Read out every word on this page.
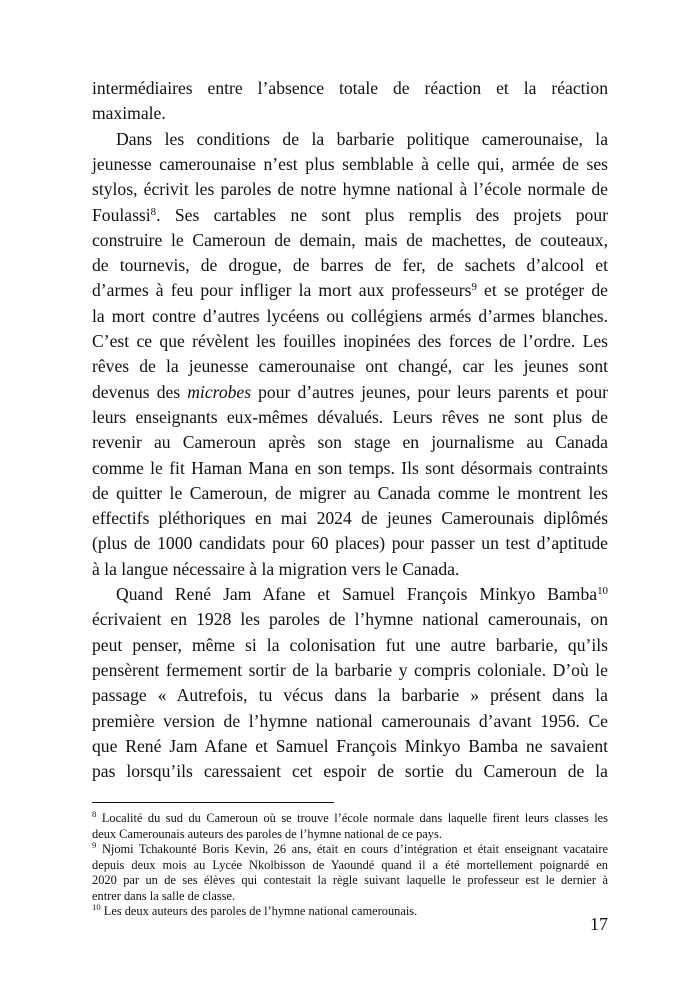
intermédiaires entre l’absence totale de réaction et la réaction
maximale.
Dans les conditions de la barbarie politique camerounaise, la
jeunesse camerounaise n’est plus semblable à celle qui, armée de ses
stylos, écrivit les paroles de notre hymne national à l’école normale de
Foulassi$^8$. Ses cartables ne sont plus remplis des projets pour
construire le Cameroun de demain, mais de machettes, de couteaux,
de tournevis, de drogue, de barres de fer, de sachets d’alcool et
d’armes à feu pour infliger la mort aux professeurs$^9$ et se protéger de
la mort contre d’autres lycéens ou collégiens armés d’armes blanches.
C’est ce que révèlent les fouilles inopinées des forces de l’ordre. Les
rêves de la jeunesse camerounaise ont changé, car les jeunes sont
devenus des microbes pour d’autres jeunes, pour leurs parents et pour
leurs enseignants eux-mêmes dévalués. Leurs rêves ne sont plus de
revenir au Cameroun après son stage en journalisme au Canada
comme le fit Haman Mana en son temps. Ils sont désormais contraints
de quitter le Cameroun, de migrer au Canada comme le montrent les
effectifs pléthoriques en mai 2024 de jeunes Camerounais diplômés
(plus de 1000 candidats pour 60 places) pour passer un test d’aptitude
à la langue nécessaire à la migration vers le Canada.
Quand René Jam Afane et Samuel François Minkyo Bamba$^{10}$
écrivaient en 1928 les paroles de l’hymne national camerounais, on
peut penser, même si la colonisation fut une autre barbarie, qu’ils
pensèrent fermement sortir de la barbarie y compris coloniale. D’où le
passage « Autrefois, tu vécus dans la barbarie » présent dans la
première version de l’hymne national camerounais d’avant 1956. Ce
que René Jam Afane et Samuel François Minkyo Bamba ne savaient
pas lorsqu’ils caressaient cet espoir de sortie du Cameroun de la
$^8$ Localité du sud du Cameroun où se trouve l’école normale dans laquelle firent leurs classes les
deux Camerounais auteurs des paroles de l’hymne national de ce pays.
$^9$ Njomi Tchakounté Boris Kevin, 26 ans, était en cours d’intégration et était enseignant vacataire
depuis deux mois au Lycée Nkolbisson de Yaoundé quand il a été mortellement poignardé en
2020 par un de ses élèves qui contestait la règle suivant laquelle le professeur est le dernier à
entrer dans la salle de classe.
$^{10}$ Les deux auteurs des paroles de l’hymne national camerounais.
17
